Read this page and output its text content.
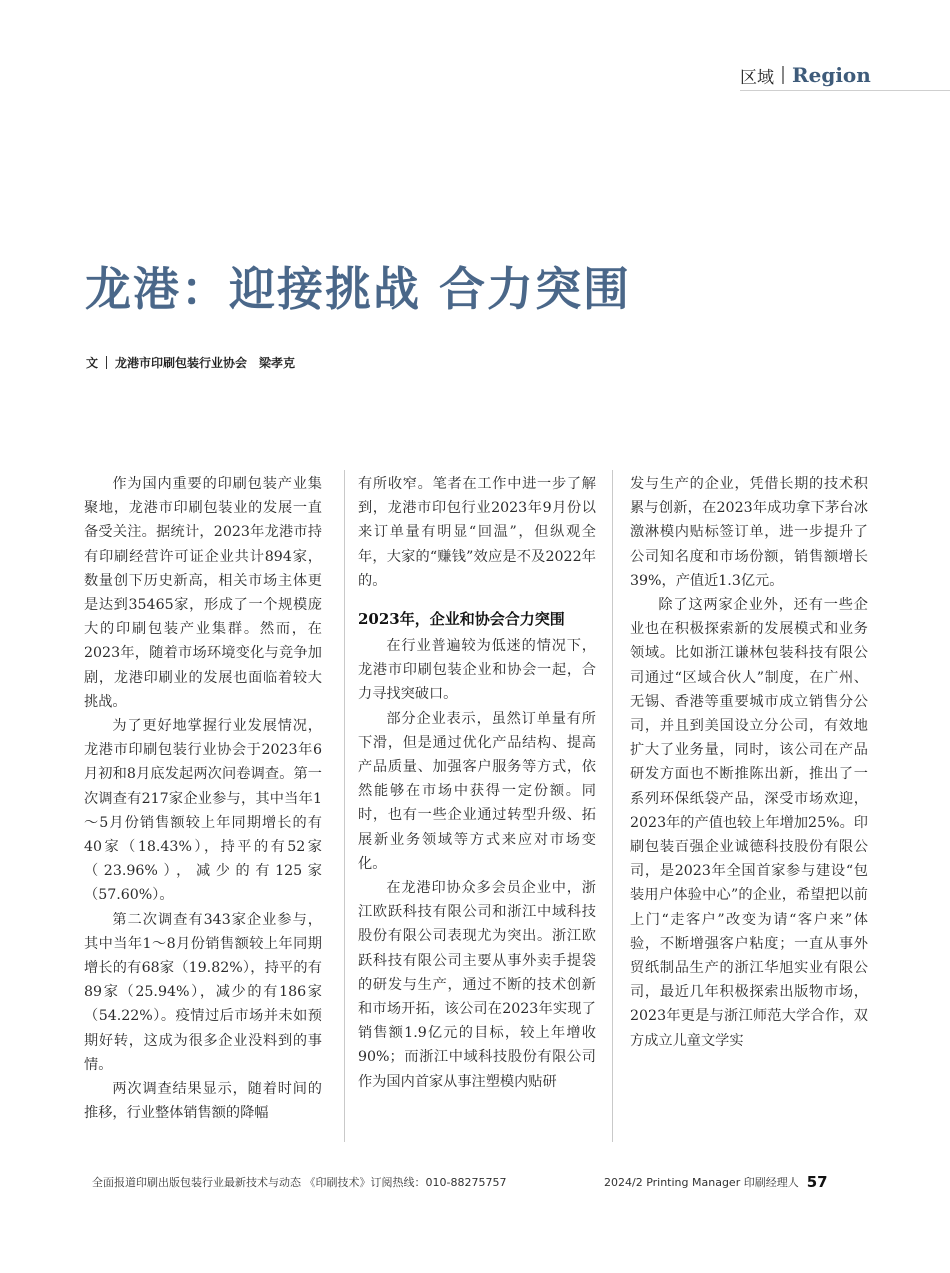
区域 Region
龙港：迎接挑战 合力突围
文 龙港市印刷包装行业协会 梁孝克

作为国内重要的印刷包装产业集聚地，龙港市印刷包装业的发展一直备受关注。据统计，2023年龙港市持有印刷经营许可证企业共计894家，数量创下历史新高，相关市场主体更是达到35465家，形成了一个规模庞大的印刷包装产业集群。然而，在2023年，随着市场环境变化与竞争加剧，龙港印刷业的发展也面临着较大挑战。

为了更好地掌握行业发展情况，龙港市印刷包装行业协会于2023年6月初和8月底发起两次问卷调查。第一次调查有217家企业参与，其中当年1～5月份销售额较上年同期增长的有40家（18.43%），持平的有52家（23.96%），减少的有125家（57.60%）。

第二次调查有343家企业参与，其中当年1～8月份销售额较上年同期增长的有68家（19.82%），持平的有89家（25.94%），减少的有186家（54.22%）。疫情过后市场并未如预期好转，这成为很多企业没料到的事情。

两次调查结果显示，随着时间的推移，行业整体销售额的降幅

有所收窄。笔者在工作中进一步了解到，龙港市印包行业2023年9月份以来订单量有明显“回温”，但纵观全年，大家的“赚钱”效应是不及2022年的。

2023年，企业和协会合力突围

在行业普遍较为低迷的情况下，龙港市印刷包装企业和协会一起，合力寻找突破口。

部分企业表示，虽然订单量有所下滑，但是通过优化产品结构、提高产品质量、加强客户服务等方式，依然能够在市场中获得一定份额。同时，也有一些企业通过转型升级、拓展新业务领域等方式来应对市场变化。

在龙港印协众多会员企业中，浙江欧跃科技有限公司和浙江中域科技股份有限公司表现尤为突出。浙江欧跃科技有限公司主要从事外卖手提袋的研发与生产，通过不断的技术创新和市场开拓，该公司在2023年实现了销售额1.9亿元的目标，较上年增收90%；而浙江中域科技股份有限公司作为国内首家从事注塑模内贴研

发与生产的企业，凭借长期的技术积累与创新，在2023年成功拿下茅台冰激淋模内贴标签订单，进一步提升了公司知名度和市场份额，销售额增长39%，产值近1.3亿元。

除了这两家企业外，还有一些企业也在积极探索新的发展模式和业务领域。比如浙江谦林包装科技有限公司通过“区域合伙人”制度，在广州、无锡、香港等重要城市成立销售分公司，并且到美国设立分公司，有效地扩大了业务量，同时，该公司在产品研发方面也不断推陈出新，推出了一系列环保纸袋产品，深受市场欢迎，2023年的产值也较上年增加25%。印刷包装百强企业诚德科技股份有限公司，是2023年全国首家参与建设“包装用户体验中心”的企业，希望把以前上门“走客户”改变为请“客户来”体验，不断增强客户粘度；一直从事外贸纸制品生产的浙江华旭实业有限公司，最近几年积极探索出版物市场，2023年更是与浙江师范大学合作，双方成立儿童文学实

全面报道印刷出版包装行业最新技术与动态 《印刷技术》订阅热线：010-88275757	2024/2 Printing Manager 印刷经理人 57
